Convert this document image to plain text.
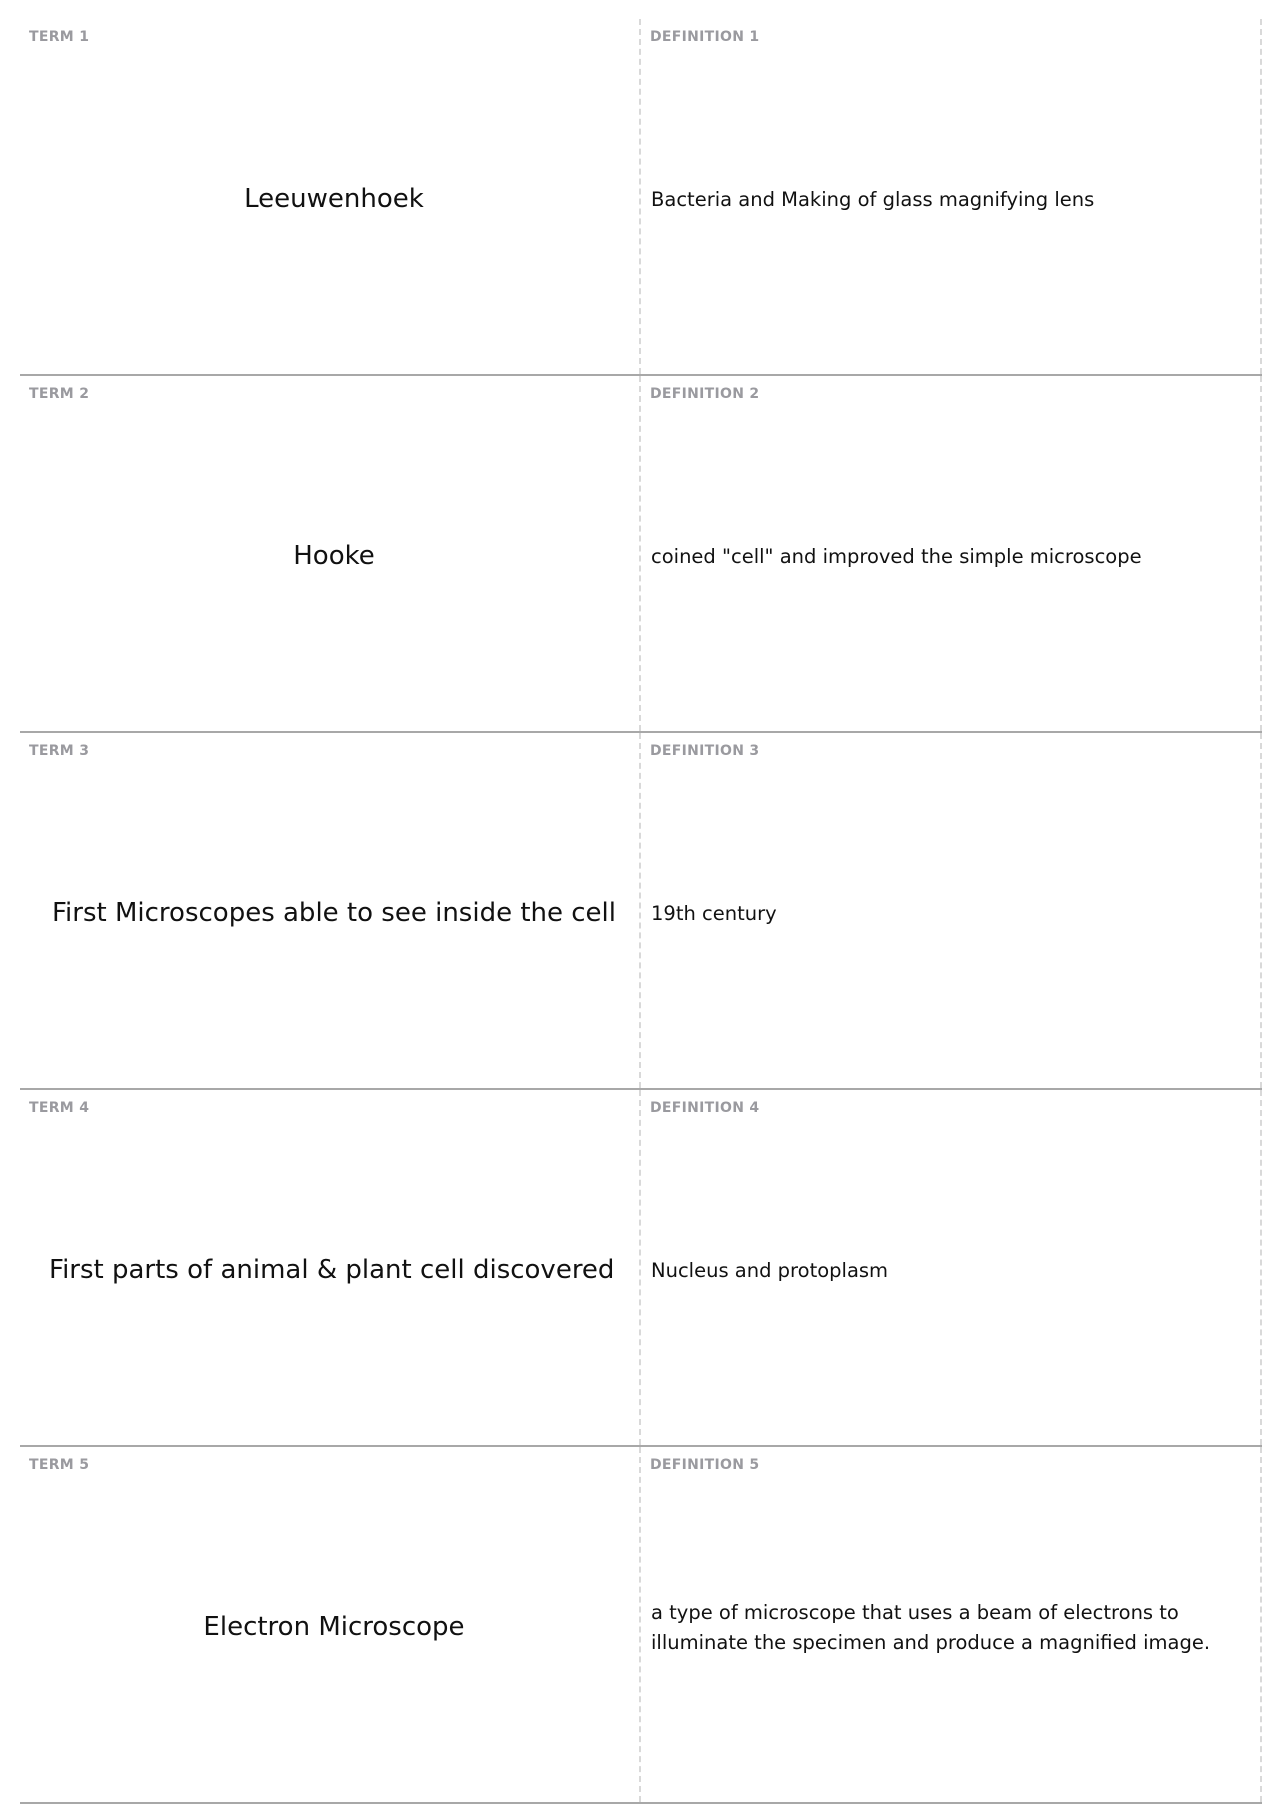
TERM 1
Leeuwenhoek
DEFINITION 1
Bacteria and Making of glass magnifying lens
TERM 2
Hooke
DEFINITION 2
coined "cell" and improved the simple microscope
TERM 3
First Microscopes able to see inside the cell
DEFINITION 3
19th century
TERM 4
First parts of animal & plant cell discovered
DEFINITION 4
Nucleus and protoplasm
TERM 5
Electron Microscope
DEFINITION 5
a type of microscope that uses a beam of electrons to illuminate the specimen and produce a magnified image.
